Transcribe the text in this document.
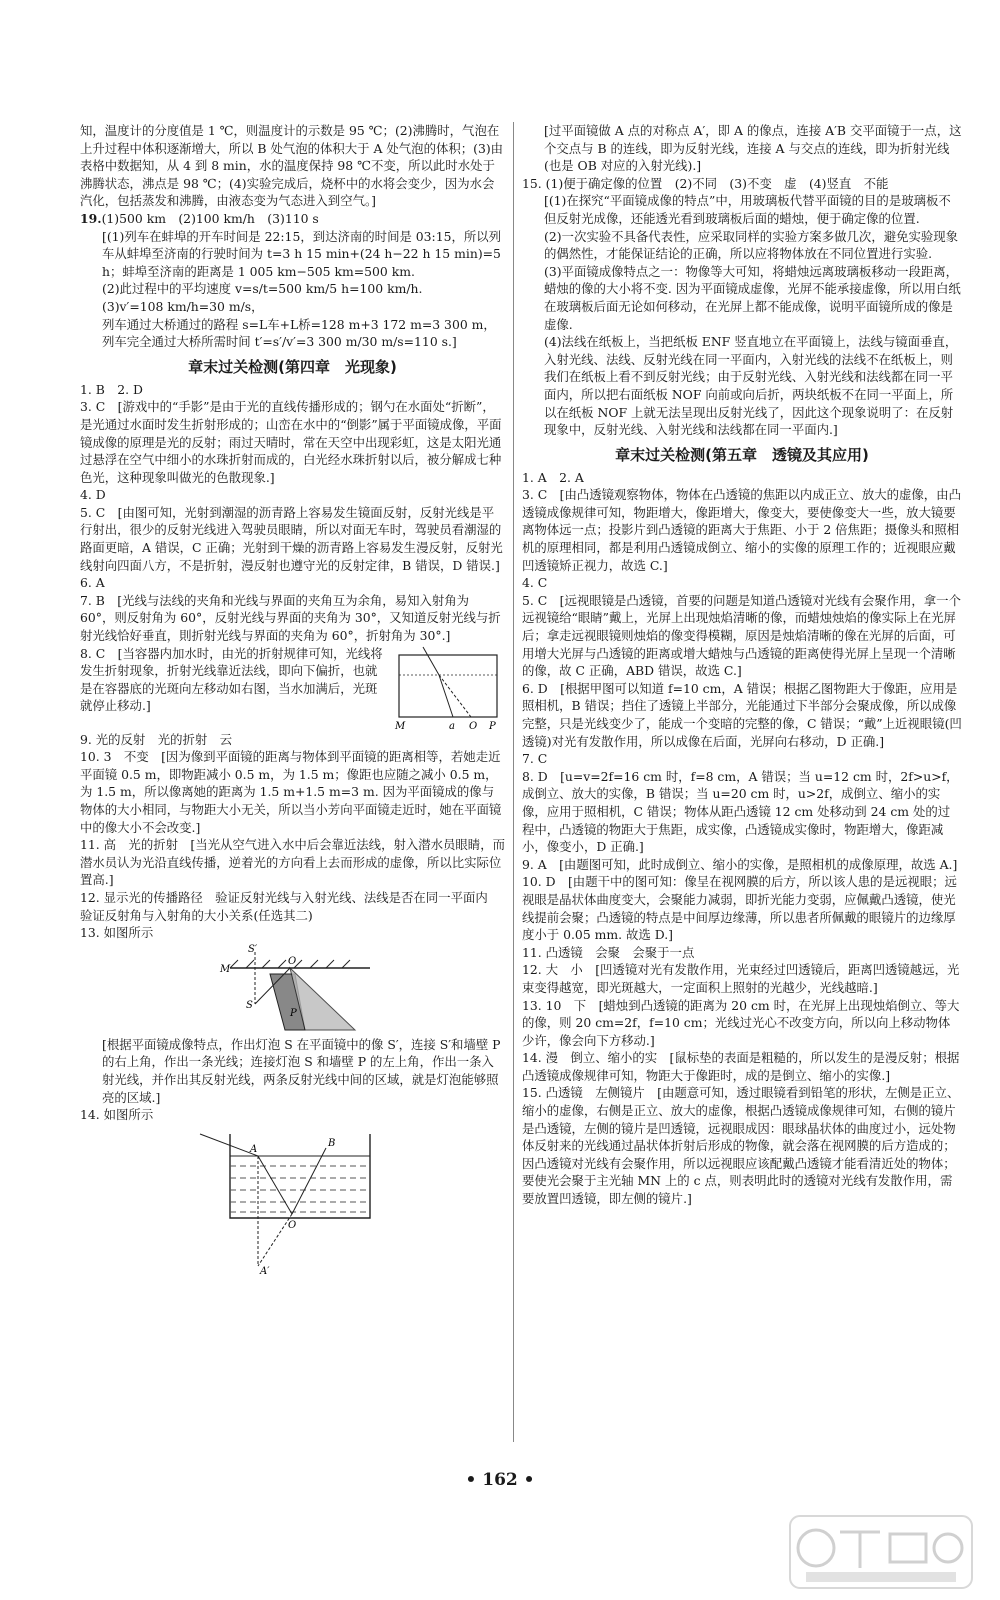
知，温度计的分度值是 1 ℃，则温度计的示数是 95 ℃；(2)沸腾时，气泡在上升过程中体积逐渐增大，所以 B 处气泡的体积大于 A 处气泡的体积；(3)由表格中数据知，从 4 到 8 min，水的温度保持 98 ℃不变，所以此时水处于沸腾状态，沸点是 98 ℃；(4)实验完成后，烧杯中的水将会变少，因为水会汽化，包括蒸发和沸腾，由液态变为气态进入到空气。]

19.(1)500 km　(2)100 km/h　(3)110 s

[(1)列车在蚌埠的开车时间是 22:15，到达济南的时间是 03:15，所以列车从蚌埠至济南的行驶时间为 t=3 h 15 min+(24 h−22 h 15 min)=5 h；蚌埠至济南的距离是 1 005 km−505 km=500 km.

(2)此过程中的平均速度 v=s/t=500 km/5 h=100 km/h.

(3)v′=108 km/h=30 m/s，

列车通过大桥通过的路程 s=L车+L桥=128 m+3 172 m=3 300 m，

列车完全通过大桥所需时间 t′=s′/v′=3 300 m/30 m/s=110 s.]

章末过关检测(第四章　光现象)

1. B　2. D

3. C　[游戏中的“手影”是由于光的直线传播形成的；钢勺在水面处“折断”，是光通过水面时发生折射形成的；山峦在水中的“倒影”属于平面镜成像，平面镜成像的原理是光的反射；雨过天晴时，常在天空中出现彩虹，这是太阳光通过悬浮在空气中细小的水珠折射而成的，白光经水珠折射以后，被分解成七种色光，这种现象叫做光的色散现象.]

4. D

5. C　[由图可知，光射到潮湿的沥青路上容易发生镜面反射，反射光线是平行射出，很少的反射光线进入驾驶员眼睛，所以对面无车时，驾驶员看潮湿的路面更暗，A 错误，C 正确；光射到干燥的沥青路上容易发生漫反射，反射光线射向四面八方，不是折射，漫反射也遵守光的反射定律，B 错误，D 错误.]

6. A

7. B　[光线与法线的夹角和光线与界面的夹角互为余角，易知入射角为 60°，则反射角为 60°，反射光线与界面的夹角为 30°，又知道反射光线与折射光线恰好垂直，則折射光线与界面的夹角为 60°，折射角为 30°.]

8. C　[当容器内加水时，由光的折射规律可知，光线将发生折射现象，折射光线靠近法线，即向下偏折，也就是在容器底的光斑向左移动如右图，当水加满后，光斑就停止移动.]

M	a O P

9. 光的反射　光的折射　云

10. 3　不变　[因为像到平面镜的距离与物体到平面镜的距离相等，若她走近平面镜 0.5 m，即物距减小 0.5 m，为 1.5 m；像距也应随之减小 0.5 m，为 1.5 m，所以像离她的距离为 1.5 m+1.5 m=3 m. 因为平面镜成的像与物体的大小相同，与物距大小无关，所以当小芳向平面镜走近时，她在平面镜中的像大小不会改变.]

11. 高　光的折射　[当光从空气进入水中后会靠近法线，射入潜水员眼睛，而潜水员认为光沿直线传播，逆着光的方向看上去而形成的虚像，所以比实际位置高.]

12. 显示光的传播路径　验证反射光线与入射光线、法线是否在同一平面内　验证反射角与入射角的大小关系(任选其二)

13. 如图所示

S′
M
O
S
P

[根据平面镜成像特点，作出灯泡 S 在平面镜中的像 S′，连接 S′和墙壁 P 的右上角，作出一条光线；连接灯泡 S 和墙壁 P 的左上角，作出一条入射光线，并作出其反射光线，两条反射光线中间的区域，就是灯泡能够照亮的区域.]

14. 如图所示

A
B
O
A′

[过平面镜做 A 点的对称点 A′，即 A 的像点，连接 A′B 交平面镜于一点，这个交点与 B 的连线，即为反射光线，连接 A 与交点的连线，即为折射光线(也是 OB 对应的入射光线).]

15. (1)便于确定像的位置　(2)不同　(3)不变　虚　(4)竖直　不能

[(1)在探究“平面镜成像的特点”中，用玻璃板代替平面镜的目的是玻璃板不但反射光成像，还能透光看到玻璃板后面的蜡烛，便于确定像的位置.

(2)一次实验不具备代表性，应采取同样的实验方案多做几次，避免实验现象的偶然性，才能保证结论的正确，所以应将物体放在不同位置进行实验.

(3)平面镜成像特点之一：物像等大可知，将蜡烛远离玻璃板移动一段距离，蜡烛的像的大小将不变. 因为平面镜成虚像，光屏不能承接虚像，所以用白纸在玻璃板后面无论如何移动，在光屏上都不能成像，说明平面镜所成的像是虚像.

(4)法线在纸板上，当把纸板 ENF 竖直地立在平面镜上，法线与镜面垂直，入射光线、法线、反射光线在同一平面内，入射光线的法线不在纸板上，则我们在纸板上看不到反射光线；由于反射光线、入射光线和法线都在同一平面内，所以把右面纸板 NOF 向前或向后折，两块纸板不在同一平面上，所以在纸板 NOF 上就无法呈现出反射光线了，因此这个现象说明了：在反射现象中，反射光线、入射光线和法线都在同一平面内.]

章末过关检测(第五章　透镜及其应用)

1. A　2. A

3. C　[由凸透镜观察物体，物体在凸透镜的焦距以内成正立、放大的虚像，由凸透镜成像规律可知，物距增大，像距增大，像变大，要使像变大一些，放大镜要离物体远一点；投影片到凸透镜的距离大于焦距、小于 2 倍焦距；摄像头和照相机的原理相同，都是利用凸透镜成倒立、缩小的实像的原理工作的；近视眼应戴凹透镜矫正视力，故选 C.]

4. C

5. C　[远视眼镜是凸透镜，首要的问题是知道凸透镜对光线有会聚作用，拿一个远视镜给“眼睛”戴上，光屏上出现烛焰清晰的像，而蜡烛烛焰的像实际上在光屏后；拿走远视眼镜则烛焰的像变得模糊，原因是烛焰清晰的像在光屏的后面，可用增大光屏与凸透镜的距离或增大蜡烛与凸透镜的距离使得光屏上呈现一个清晰的像，故 C 正确，ABD 错误，故选 C.]

6. D　[根据甲图可以知道 f=10 cm，A 错误；根据乙图物距大于像距，应用是照相机，B 错误；挡住了透镜上半部分，光能通过下半部分会聚成像，所以成像完整，只是光线变少了，能成一个变暗的完整的像，C 错误；“戴”上近视眼镜(凹透镜)对光有发散作用，所以成像在后面，光屏向右移动，D 正确.]

7. C

8. D　[u=v=2f=16 cm 时，f=8 cm，A 错误；当 u=12 cm 时，2f>u>f，成倒立、放大的实像，B 错误；当 u=20 cm 时，u>2f，成倒立、缩小的实像，应用于照相机，C 错误；物体从距凸透镜 12 cm 处移动到 24 cm 处的过程中，凸透镜的物距大于焦距，成实像，凸透镜成实像时，物距增大，像距减小，像变小，D 正确.]

9. A　[由题图可知，此时成倒立、缩小的实像，是照相机的成像原理，故选 A.]

10. D　[由题干中的图可知：像呈在视网膜的后方，所以该人患的是远视眼；远视眼是晶状体曲度变大，会聚能力减弱，即折光能力变弱，应佩戴凸透镜，使光线提前会聚；凸透镜的特点是中间厚边缘薄，所以患者所佩戴的眼镜片的边缘厚度小于 0.05 mm. 故选 D.]

11. 凸透镜　会聚　会聚于一点

12. 大　小　[凹透镜对光有发散作用，光束经过凹透镜后，距离凹透镜越远，光束变得越宽，即光斑越大，一定面积上照射的光越少，光线越暗.]

13. 10　下　[蜡烛到凸透镜的距离为 20 cm 时，在光屏上出现烛焰倒立、等大的像，则 20 cm=2f，f=10 cm；光线过光心不改变方向，所以向上移动物体少许，像会向下方移动.]

14. 漫　倒立、缩小的实　[鼠标垫的表面是粗糙的，所以发生的是漫反射；根据凸透镜成像规律可知，物距大于像距时，成的是倒立、缩小的实像.]

15. 凸透镜　左侧镜片　[由题意可知，透过眼镜看到铅笔的形状，左侧是正立、缩小的虚像，右侧是正立、放大的虚像，根据凸透镜成像规律可知，右侧的镜片是凸透镜，左侧的镜片是凹透镜，远视眼成因：眼球晶状体的曲度过小，远处物体反射来的光线通过晶状体折射后形成的物像，就会落在视网膜的后方造成的；因凸透镜对光线有会聚作用，所以远视眼应该配戴凸透镜才能看清近处的物体；要使光会聚于主光轴 MN 上的 c 点，则表明此时的透镜对光线有发散作用，需要放置凹透镜，即左侧的镜片.]

• 162 •
